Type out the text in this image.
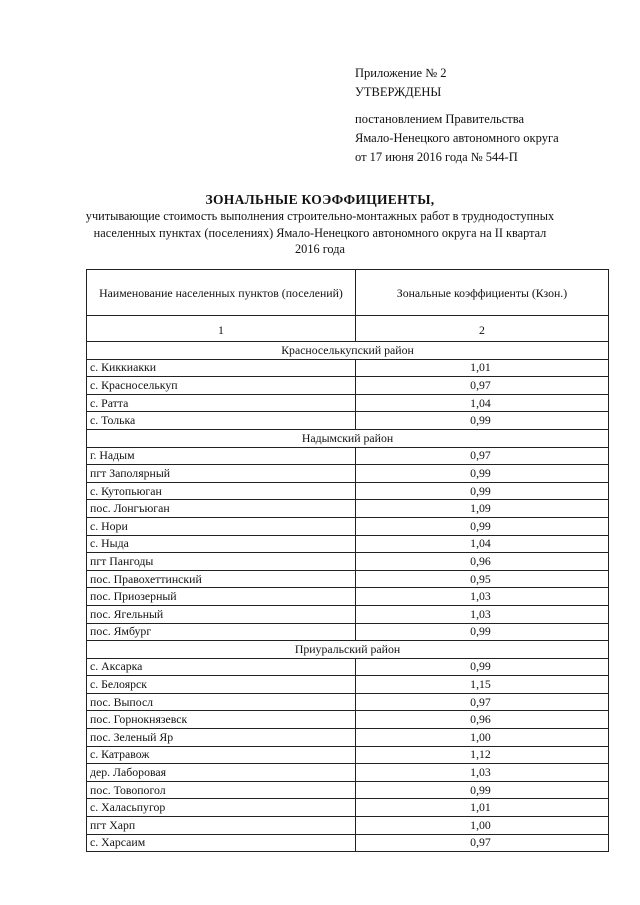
Приложение № 2
УТВЕРЖДЕНЫ
постановлением Правительства
Ямало-Ненецкого автономного округа
от 17 июня 2016 года № 544-П
ЗОНАЛЬНЫЕ КОЭФФИЦИЕНТЫ,
учитывающие стоимость выполнения строительно-монтажных работ в труднодоступных
населенных пунктах (поселениях) Ямало-Ненецкого автономного округа на II квартал
2016 года
Наименование населенных пунктов (поселений)	Зональные коэффициенты (Кзон.)
1	2
Красноселькупский район	
с. Киккиакки	1,01
с. Красноселькуп	0,97
с. Ратта	1,04
с. Толька	0,99
Надымский район	
г. Надым	0,97
пгт Заполярный	0,99
с. Кутопьюган	0,99
пос. Лонгъюган	1,09
с. Нори	0,99
с. Ныда	1,04
пгт Пангоды	0,96
пос. Правохеттинский	0,95
пос. Приозерный	1,03
пос. Ягельный	1,03
пос. Ямбург	0,99
Приуральский район	
с. Аксарка	0,99
с. Белоярск	1,15
пос. Выпосл	0,97
пос. Горнокнязевск	0,96
пос. Зеленый Яр	1,00
с. Катравож	1,12
дер. Лаборовая	1,03
пос. Товопогол	0,99
с. Халасьпугор	1,01
пгт Харп	1,00
с. Харсаим	0,97
